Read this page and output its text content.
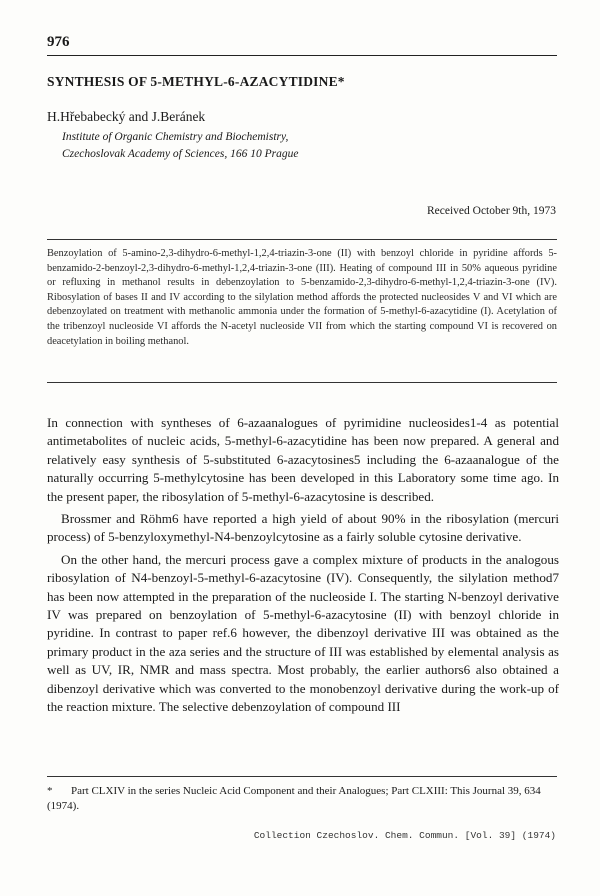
976
SYNTHESIS OF 5-METHYL-6-AZACYTIDINE*
H.Hřebabecký and J.Beránek
Institute of Organic Chemistry and Biochemistry,
Czechoslovak Academy of Sciences, 166 10 Prague
Received October 9th, 1973

Benzoylation of 5-amino-2,3-dihydro-6-methyl-1,2,4-triazin-3-one (II) with benzoyl chloride in pyridine affords 5-benzamido-2-benzoyl-2,3-dihydro-6-methyl-1,2,4-triazin-3-one (III). Heating of compound III in 50% aqueous pyridine or refluxing in methanol results in debenzoylation to 5-benzamido-2,3-dihydro-6-methyl-1,2,4-triazin-3-one (IV). Ribosylation of bases II and IV according to the silylation method affords the protected nucleosides V and VI which are debenzoylated on treatment with methanolic ammonia under the formation of 5-methyl-6-azacytidine (I). Acetylation of the tribenzoyl nucleoside VI affords the N-acetyl nucleoside VII from which the starting compound VI is recovered on deacetylation in boiling methanol.

In connection with syntheses of 6-azaanalogues of pyrimidine nucleosides1-4 as potential antimetabolites of nucleic acids, 5-methyl-6-azacytidine has been now prepared. A general and relatively easy synthesis of 5-substituted 6-azacytosines5 including the 6-azaanalogue of the naturally occurring 5-methylcytosine has been developed in this Laboratory some time ago. In the present paper, the ribosylation of 5-methyl-6-azacytosine is described.

Brossmer and Röhm6 have reported a high yield of about 90% in the ribosylation (mercuri process) of 5-benzyloxymethyl-N4-benzoylcytosine as a fairly soluble cytosine derivative.

On the other hand, the mercuri process gave a complex mixture of products in the analogous ribosylation of N4-benzoyl-5-methyl-6-azacytosine (IV). Consequently, the silylation method7 has been now attempted in the preparation of the nucleoside I. The starting N-benzoyl derivative IV was prepared on benzoylation of 5-methyl-6-azacytosine (II) with benzoyl chloride in pyridine. In contrast to paper ref.6 however, the dibenzoyl derivative III was obtained as the primary product in the aza series and the structure of III was established by elemental analysis as well as UV, IR, NMR and mass spectra. Most probably, the earlier authors6 also obtained a dibenzoyl derivative which was converted to the monobenzoyl derivative during the work-up of the reaction mixture. The selective debenzoylation of compound III

* Part CLXIV in the series Nucleic Acid Component and their Analogues; Part CLXIII: This Journal 39, 634 (1974).
Collection Czechoslov. Chem. Commun. [Vol. 39] (1974)
